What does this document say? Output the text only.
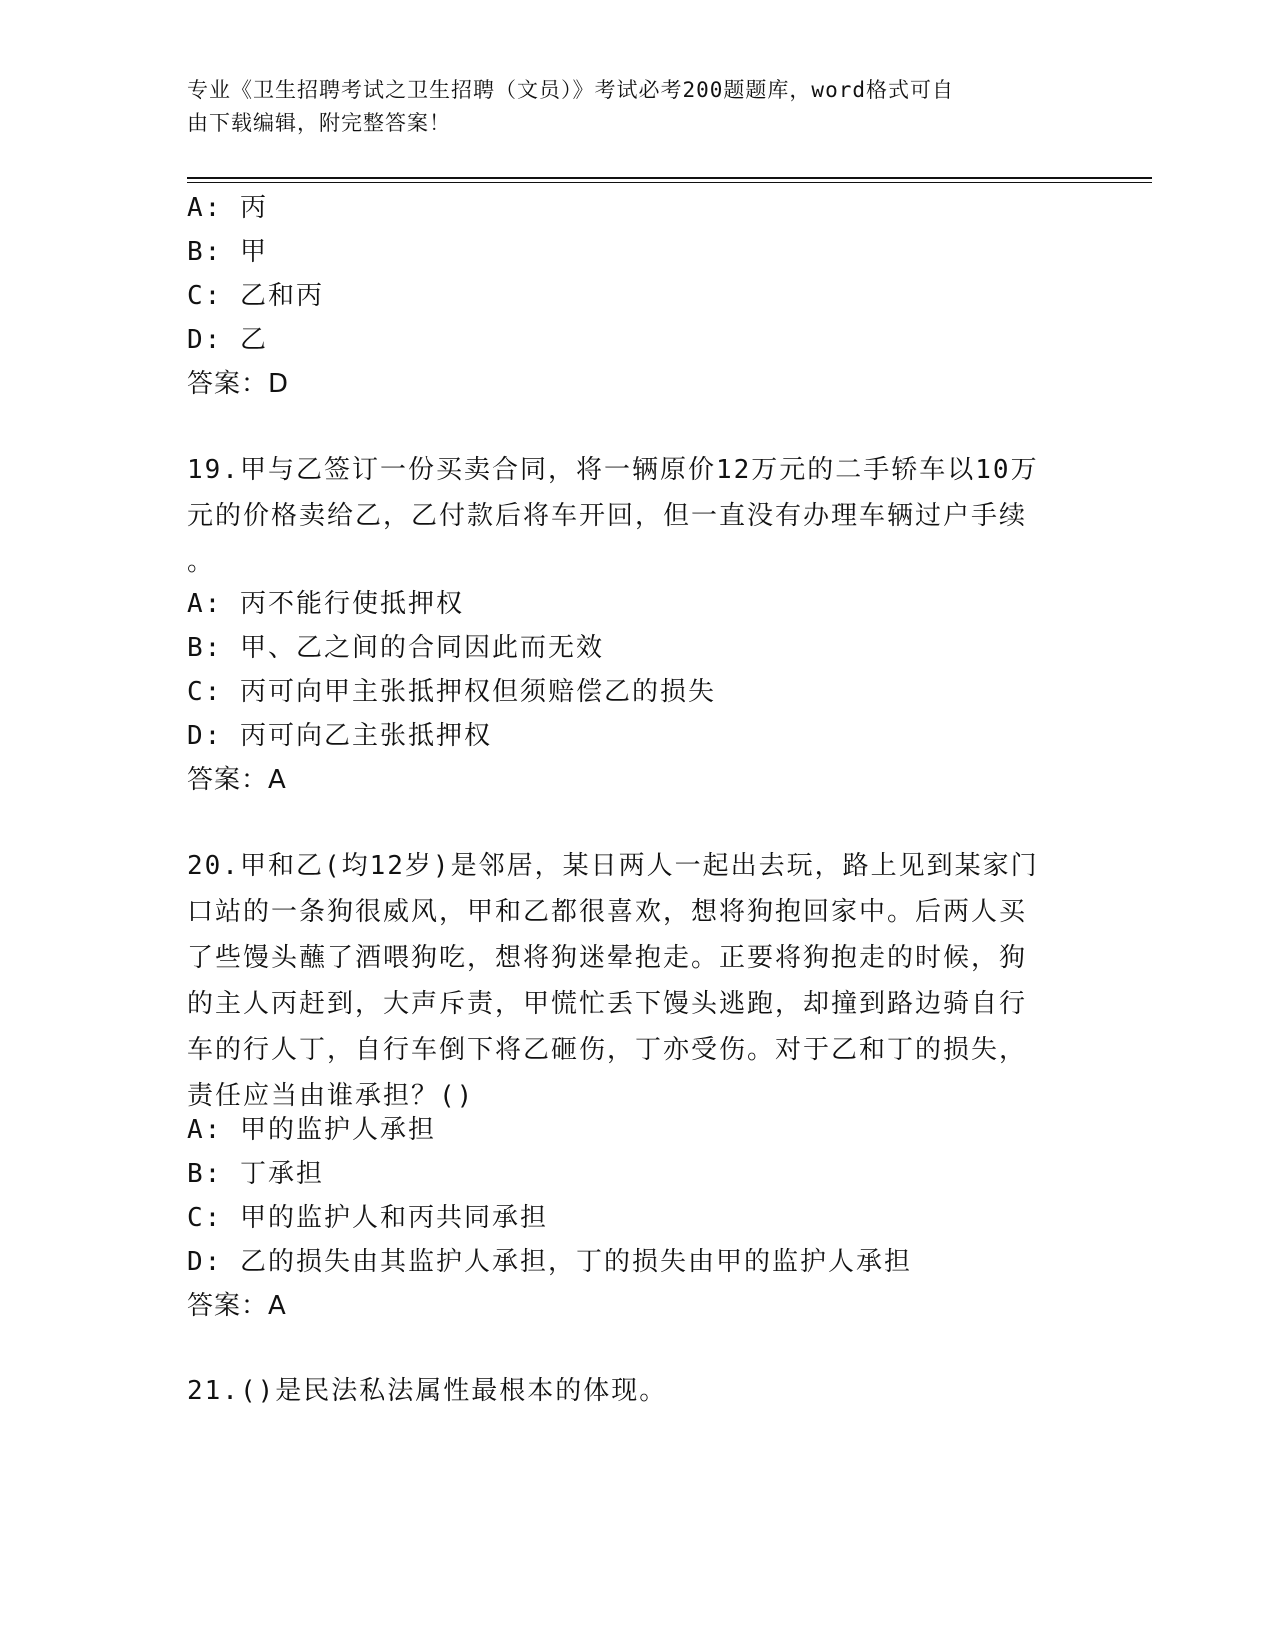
专业《卫生招聘考试之卫生招聘（文员）》考试必考200题题库，word格式可自
由下载编辑，附完整答案！
A: 丙
B: 甲
C: 乙和丙
D: 乙
答案：D
19.甲与乙签订一份买卖合同，将一辆原价12万元的二手轿车以10万
元的价格卖给乙，乙付款后将车开回，但一直没有办理车辆过户手续
。
A: 丙不能行使抵押权
B: 甲、乙之间的合同因此而无效
C: 丙可向甲主张抵押权但须赔偿乙的损失
D: 丙可向乙主张抵押权
答案：A
20.甲和乙(均12岁)是邻居，某日两人一起出去玩，路上见到某家门
口站的一条狗很威风，甲和乙都很喜欢，想将狗抱回家中。后两人买
了些馒头蘸了酒喂狗吃，想将狗迷晕抱走。正要将狗抱走的时候，狗
的主人丙赶到，大声斥责，甲慌忙丢下馒头逃跑，却撞到路边骑自行
车的行人丁，自行车倒下将乙砸伤，丁亦受伤。对于乙和丁的损失，
责任应当由谁承担？()
A: 甲的监护人承担
B: 丁承担
C: 甲的监护人和丙共同承担
D: 乙的损失由其监护人承担，丁的损失由甲的监护人承担
答案：A
21.()是民法私法属性最根本的体现。
